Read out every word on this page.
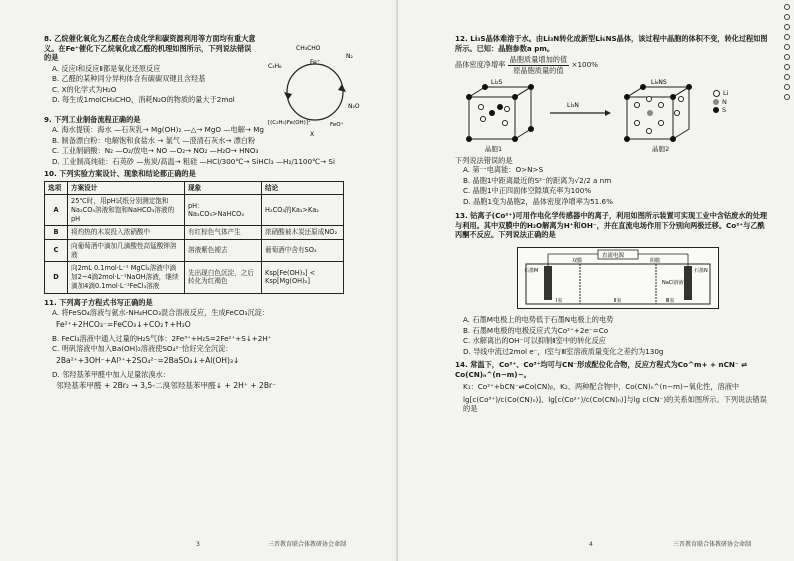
8. 乙烷催化氧化为乙醛在合成化学和碳资源利用等方面均有重大意义。在Fe⁺催化下乙烷氧化成乙醛的机理如图所示，下列说法错误的是
A. 反应Ⅰ和反应Ⅱ都是氧化还原反应
B. 乙醛的某种同分异构体含有碳碳双键且含羟基
C. X的化学式为H₂O
D. 每生成1molCH₃CHO，消耗N₂O的物质的量大于2mol
CH₃CHO
N₂
N₂O
C₂H₆
X
Fe⁺
FeO⁺
[(C₂H₅)Fe(OH)]⁺
9. 下列工业制备流程正确的是
A. 海水提镁：海水 —石灰乳→ Mg(OH)₂ —△→ MgO —电解→ Mg
B. 制备漂白粉：电解饱和食盐水 → 氯气 —澄清石灰水→ 漂白粉
C. 工业制硝酸：N₂ —O₂/放电→ NO —O₂→ NO₂ —H₂O→ HNO₃
D. 工业制高纯硅：石英砂 —焦炭/高温→ 粗硅 —HCl/300℃→ SiHCl₃ —H₂/1100℃→ Si
10. 下列实验方案设计、现象和结论都正确的是
选项	方案设计	现象	结论
A	25℃时，用pH试纸分别测定饱和Na₂CO₃溶液和饱和NaHCO₃溶液的pH	pH：Na₂CO₃>NaHCO₃	H₂CO₃的Ka₁>Ka₂
B	将灼热的木炭投入浓硝酸中	有红棕色气体产生	浓硝酸被木炭还原成NO₂
C	向葡萄酒中滴加几滴酸性高锰酸钾溶液	溶液紫色褪去	葡萄酒中含有SO₂
D	向2mL 0.1mol·L⁻¹ MgCl₂溶液中滴加2~4滴2mol·L⁻¹NaOH溶液，继续滴加4滴0.1mol·L⁻¹FeCl₃溶液	先出现白色沉淀，之后转化为红褐色	Ksp[Fe(OH)₃] < Ksp[Mg(OH)₂]
11. 下列离子方程式书写正确的是
A. 将FeSO₄溶液与氨水-NH₄HCO₃混合溶液反应，生成FeCO₃沉淀：
Fe²⁺+2HCO₃⁻=FeCO₃↓+CO₂↑+H₂O
B. FeCl₃溶液中通入过量的H₂S气体：2Fe³⁺+H₂S=2Fe²⁺+S↓+2H⁺
C. 明矾溶液中加入Ba(OH)₂溶液使SO₄²⁻恰好完全沉淀：
2Ba²⁺+3OH⁻+Al³⁺+2SO₄²⁻=2BaSO₄↓+Al(OH)₃↓
D. 邻羟基苯甲醛中加入足量浓溴水：
邻羟基苯甲醛 + 2Br₂ → 3,5-二溴邻羟基苯甲醛↓ + 2H⁺ + 2Br⁻
3	三晋教育联合体教研协会命制
12. Li₃S晶体难溶于水。由Li₃N转化成新型Li₆NS晶体，该过程中晶胞的体积不变，转化过程如图所示。已知：晶胞参数a pm。
晶体密度净增率 $\frac{\text{晶胞质量增加的值}}{\text{原晶胞质量的值}} \times 100\%$
Li₂S
Li₃N
Li₆NS
Li
N
S
晶胞1	晶胞2
下列说法错误的是
A. 第一电离能：O>N>S
B. 晶胞1中距离最近的S²⁻的距离为√2/2 a nm
C. 晶胞1中正四面体空隙填充率为100%
D. 晶胞1变为晶胞2，晶体密度净增率为51.6%
13. 钴离子(Co²⁺)可用作电化学传感器中的离子，利用如图所示装置可实现工业中含钴废水的处理与利用。其中双膜中的H₂O解离为H⁺和OH⁻，并在直流电场作用下分别向两极迁移。Co²⁺与乙酰丙酮不反应。下列说法正确的是
直流电源
石墨M
I室	Ⅱ室	Ⅲ室
石墨N
双膜	阴膜
NaCl溶液
A. 石墨M电极上的电势低于石墨N电极上的电势
B. 石墨M电极的电极反应式为Co²⁺+2e⁻=Co
C. 水解离出的OH⁻可以抑制Ⅱ室中的转化反应
D. 导线中流过2mol e⁻，Ⅰ室与Ⅲ室溶液质量变化之差约为130g
14. 常温下，Co²⁺、Co³⁺均可与CN⁻形成配位化合物，反应方程式为Co^m+ + nCN⁻ ⇌ Co(CN)ₙ^(n−m)−。
K₁：Co²⁺+bCN⁻⇌Co(CN)ᵦ，K₂、两种配合物中，Co(CN)ₙ^(n−m)−氧化性，溶液中
lg[c(Co³⁺)/c(Co(CN)ₙ)]、lg[c(Co²⁺)/c(Co(CN)ₙ)]与lg c(CN⁻)的关系如图所示。下列说法错误的是
4	三晋教育联合体教研协会命制
